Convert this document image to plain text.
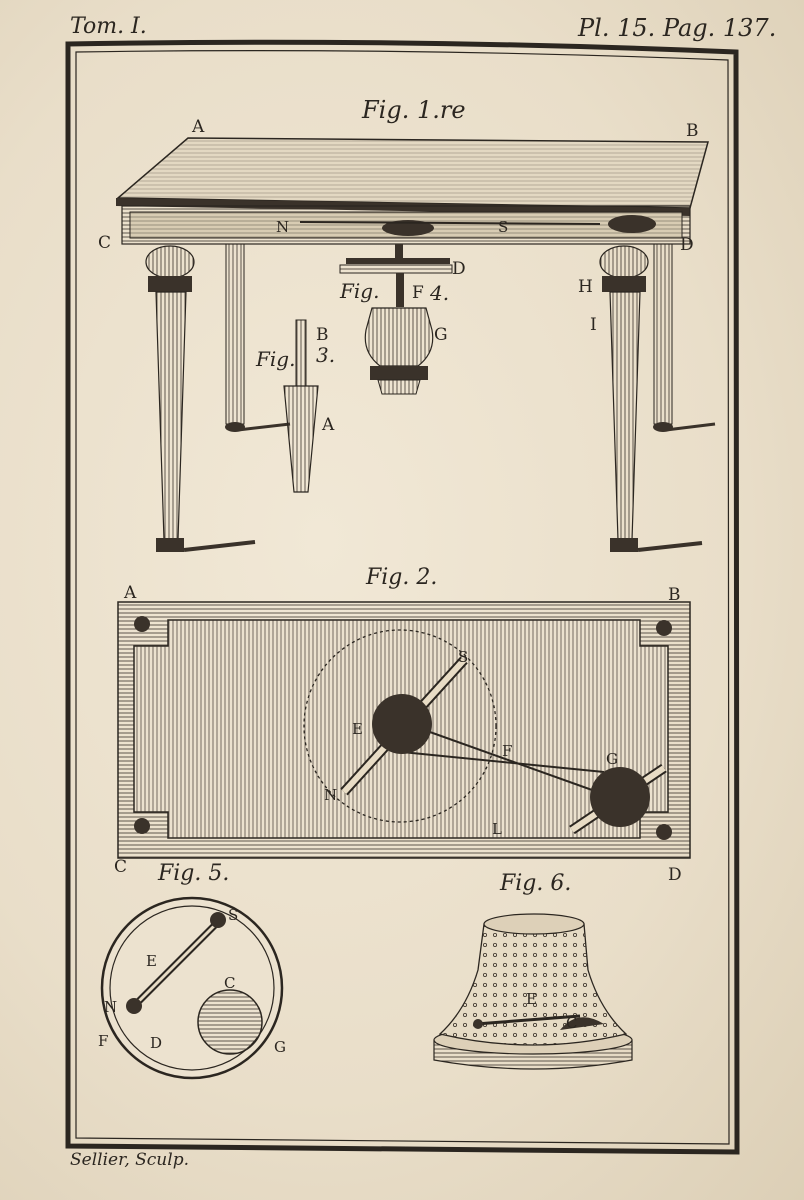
Tom. I.	Pl. 15. Pag. 137.
Fig. 1.re
A	B
C	D
N	S
H
I
Fig. 3.
B
A
D
Fig. F 4.
G
Fig. 2.
A	B
C	D
E
F	G
S
N
L
Fig. 5.
S
E
C
N
F	D	G
Fig. 6.
E
C
Sellier, Sculp.
